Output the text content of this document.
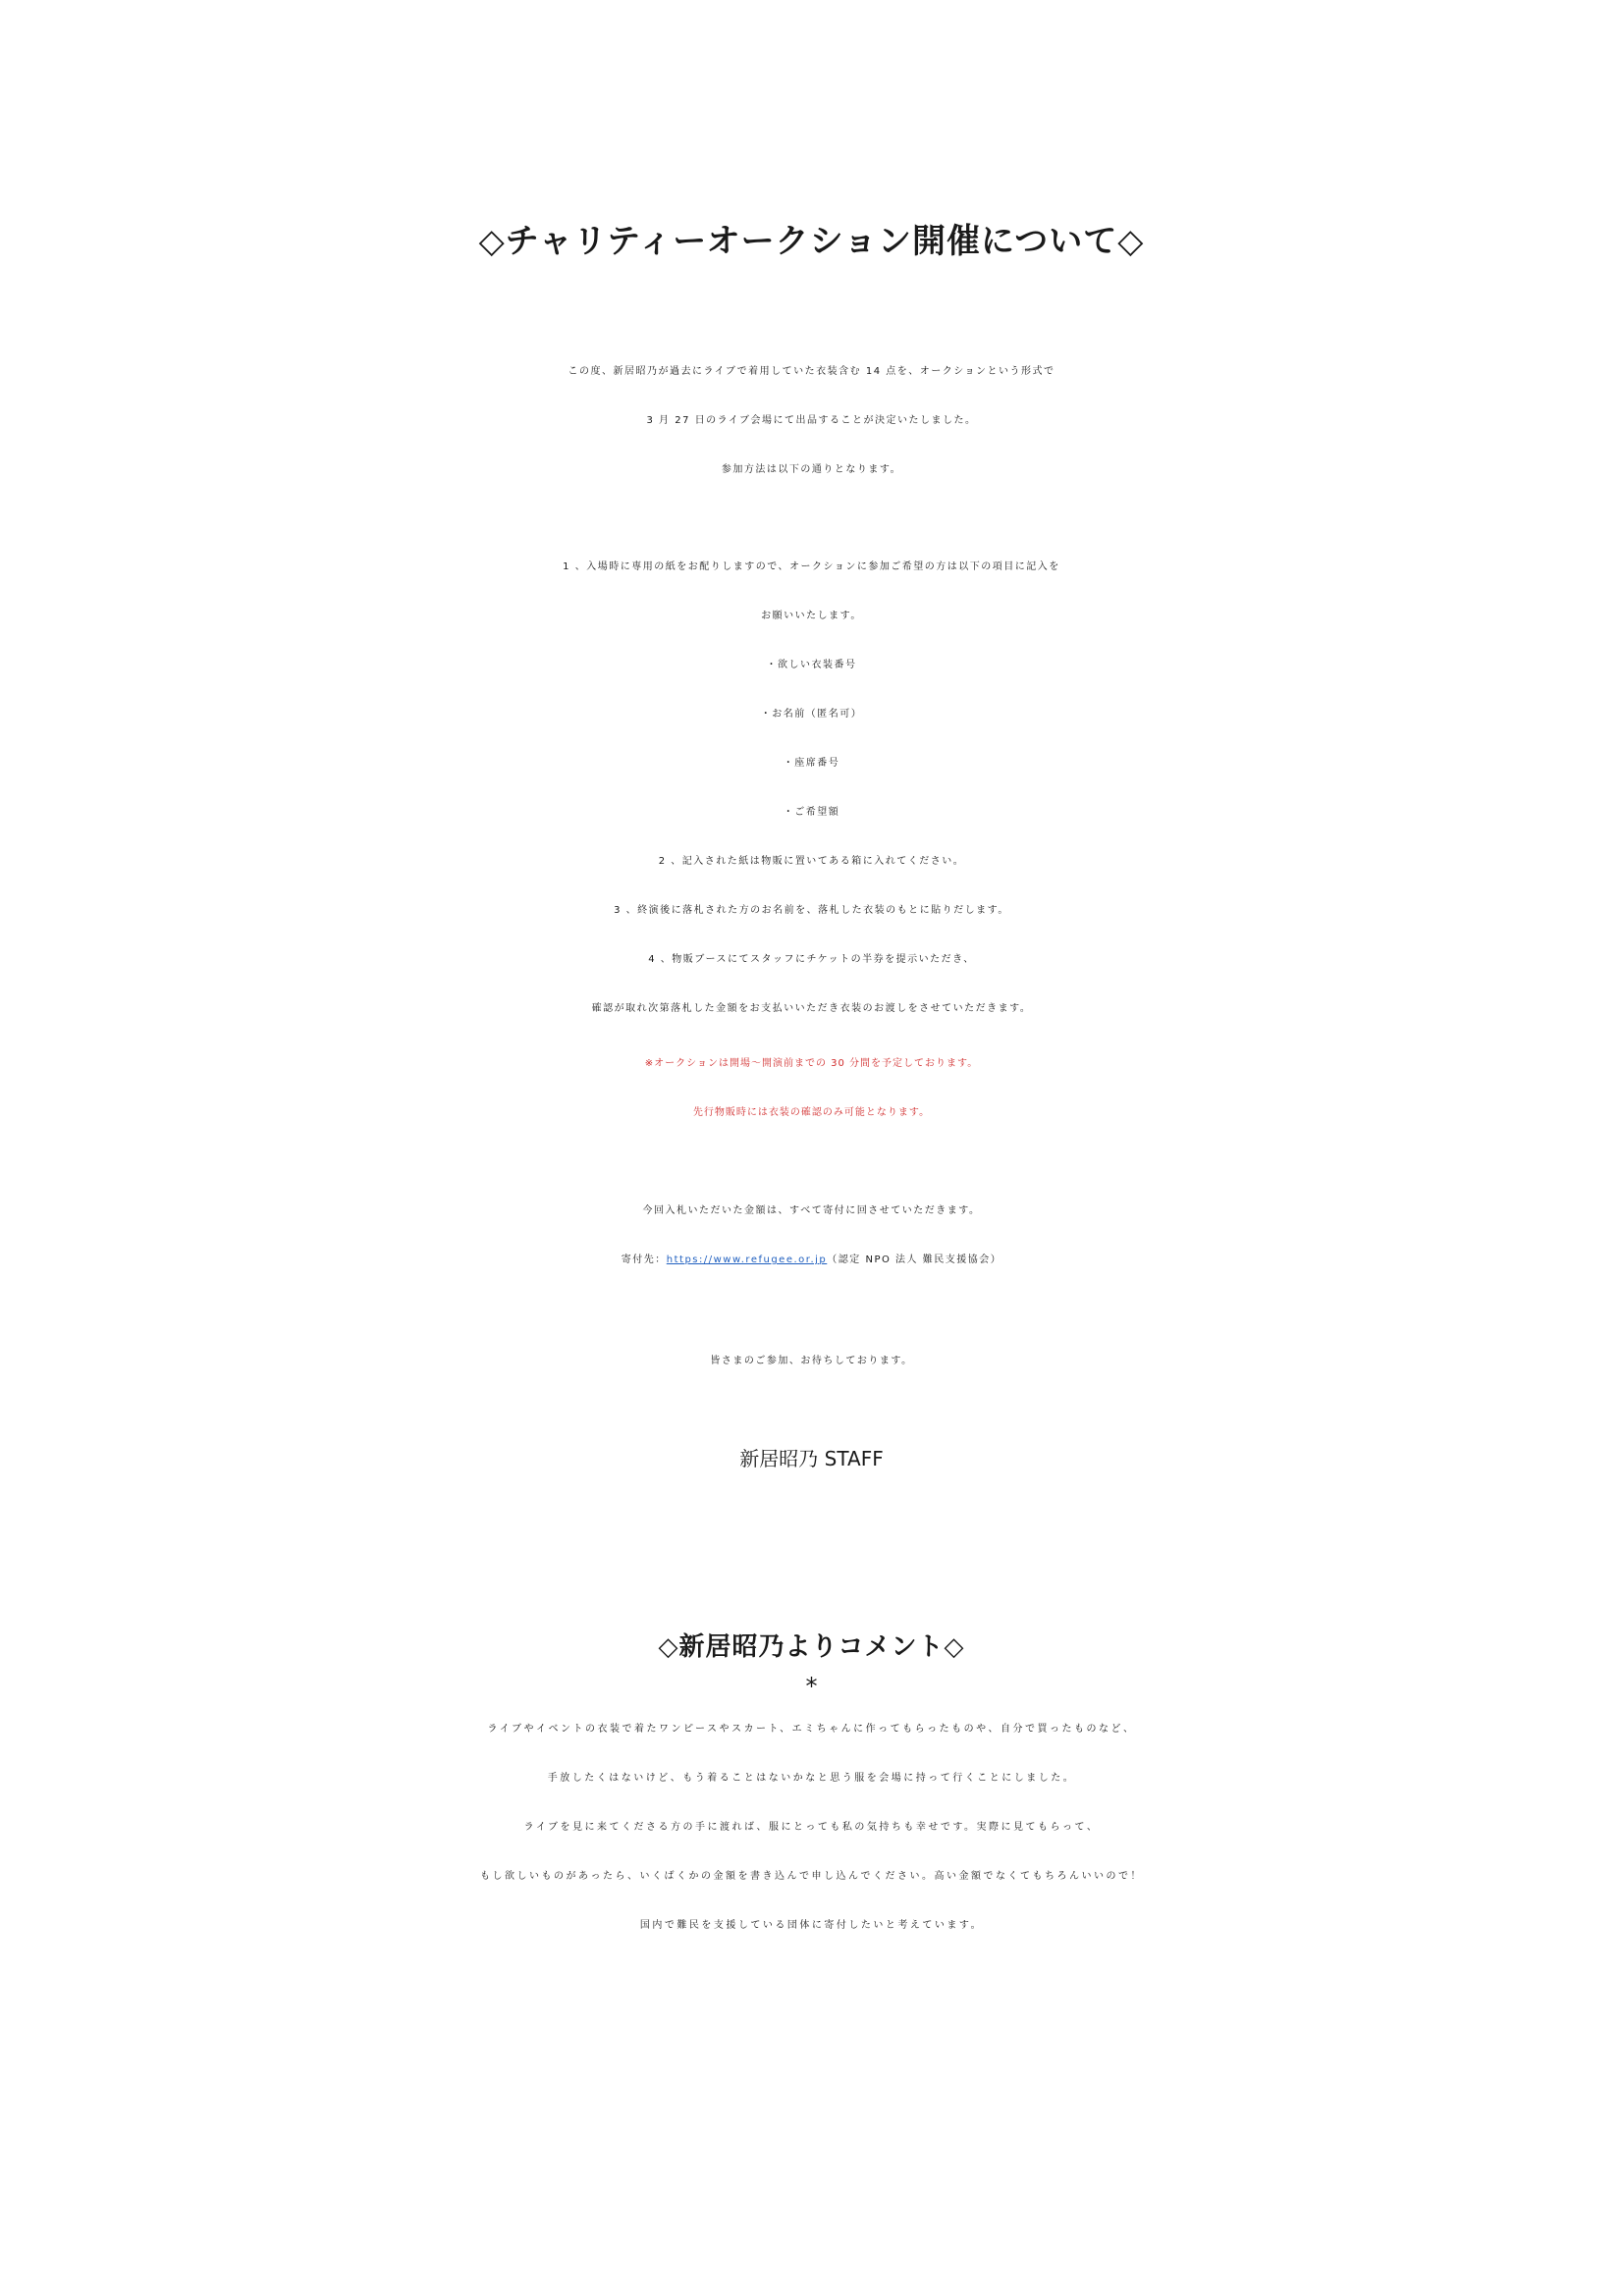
◇チャリティーオークション開催について◇
この度、新居昭乃が過去にライブで着用していた衣装含む 14 点を、オークションという形式で
3 月 27 日のライブ会場にて出品することが決定いたしました。
参加方法は以下の通りとなります。
1 、入場時に専用の紙をお配りしますので、オークションに参加ご希望の方は以下の項目に記入を
お願いいたします。
・欲しい衣装番号
・お名前（匿名可）
・座席番号
・ご希望額
2 、記入された紙は物販に置いてある箱に入れてください。
3 、終演後に落札された方のお名前を、落札した衣装のもとに貼りだします。
4 、物販ブースにてスタッフにチケットの半券を提示いただき、
確認が取れ次第落札した金額をお支払いいただき衣装のお渡しをさせていただきます。
※オークションは開場～開演前までの 30 分間を予定しております。
先行物販時には衣装の確認のみ可能となります。
今回入札いただいた金額は、すべて寄付に回させていただきます。
寄付先：https://www.refugee.or.jp（認定 NPO 法人 難民支援協会）
皆さまのご参加、お待ちしております。
新居昭乃 STAFF
◇新居昭乃よりコメント◇
*
ライブやイベントの衣装で着たワンピースやスカート、エミちゃんに作ってもらったものや、自分で買ったものなど、
手放したくはないけど、もう着ることはないかなと思う服を会場に持って行くことにしました。
ライブを見に来てくださる方の手に渡れば、服にとっても私の気持ちも幸せです。実際に見てもらって、
もし欲しいものがあったら、いくばくかの金額を書き込んで申し込んでください。高い金額でなくてもちろんいいので！
国内で難民を支援している団体に寄付したいと考えています。
